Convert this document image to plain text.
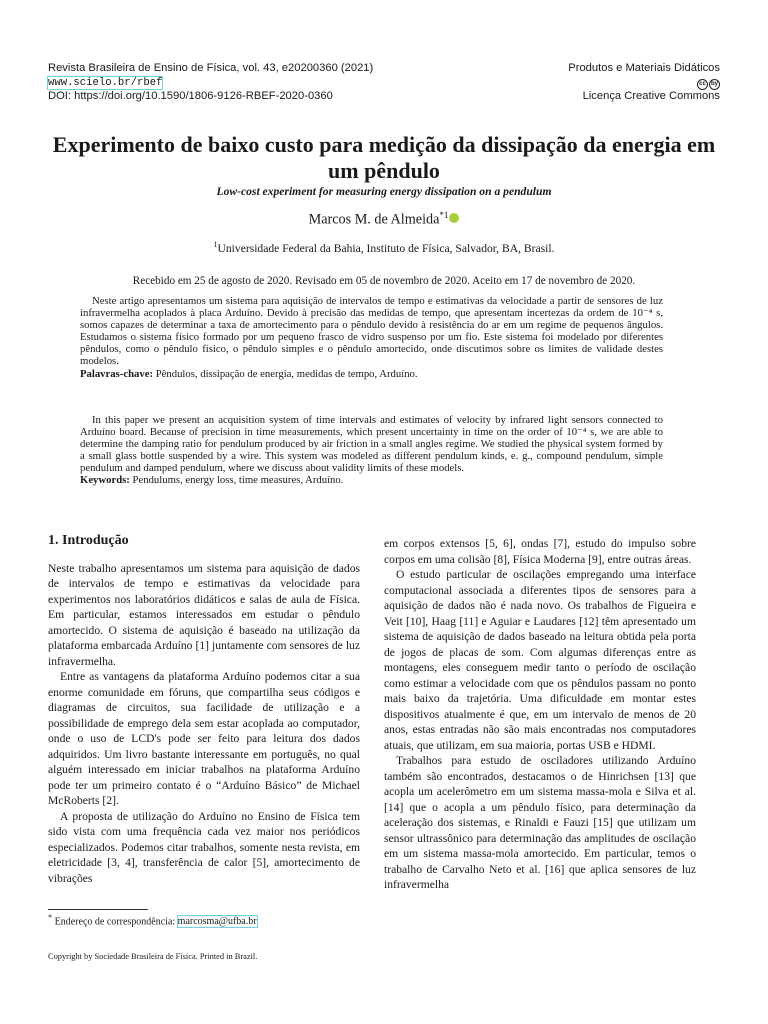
Revista Brasileira de Ensino de Física, vol. 43, e20200360 (2021)
www.scielo.br/rbef
DOI: https://doi.org/10.1590/1806-9126-RBEF-2020-0360
Produtos e Materiais Didáticos
cc by
Licença Creative Commons
Experimento de baixo custo para medição da dissipação da energia em um pêndulo
Low-cost experiment for measuring energy dissipation on a pendulum
Marcos M. de Almeida$^{*1}$
$^1$Universidade Federal da Bahia, Instituto de Física, Salvador, BA, Brasil.
Recebido em 25 de agosto de 2020. Revisado em 05 de novembro de 2020. Aceito em 17 de novembro de 2020.
Neste artigo apresentamos um sistema para aquisição de intervalos de tempo e estimativas da velocidade a partir de sensores de luz infravermelha acoplados à placa Arduíno. Devido à precisão das medidas de tempo, que apresentam incertezas da ordem de 10⁻⁴ s, somos capazes de determinar a taxa de amortecimento para o pêndulo devido à resistência do ar em um regime de pequenos ângulos. Estudamos o sistema físico formado por um pequeno frasco de vidro suspenso por um fio. Este sistema foi modelado por diferentes pêndulos, como o pêndulo físico, o pêndulo simples e o pêndulo amortecido, onde discutimos sobre os limites de validade destes modelos.
Palavras-chave: Pêndulos, dissipação de energia, medidas de tempo, Arduíno.
In this paper we present an acquisition system of time intervals and estimates of velocity by infrared light sensors connected to Arduíno board. Because of precision in time measurements, which present uncertainty in time on the order of 10⁻⁴ s, we are able to determine the damping ratio for pendulum produced by air friction in a small angles regime. We studied the physical system formed by a small glass bottle suspended by a wire. This system was modeled as different pendulum kinds, e. g., compound pendulum, simple pendulum and damped pendulum, where we discuss about validity limits of these models.
Keywords: Pendulums, energy loss, time measures, Arduíno.
1. Introdução

Neste trabalho apresentamos um sistema para aquisição de dados de intervalos de tempo e estimativas da velocidade para experimentos nos laboratórios didáticos e salas de aula de Física. Em particular, estamos interessados em estudar o pêndulo amortecido. O sistema de aquisição é baseado na utilização da plataforma embarcada Arduíno [1] juntamente com sensores de luz infravermelha.

Entre as vantagens da plataforma Arduíno podemos citar a sua enorme comunidade em fóruns, que compartilha seus códigos e diagramas de circuitos, sua facilidade de utilização e a possibilidade de emprego dela sem estar acoplada ao computador, onde o uso de LCD's pode ser feito para leitura dos dados adquiridos. Um livro bastante interessante em português, no qual alguém interessado em iniciar trabalhos na plataforma Arduíno pode ter um primeiro contato é o “Arduíno Básico” de Michael McRoberts [2].

A proposta de utilização do Arduíno no Ensino de Física tem sido vista com uma frequência cada vez maior nos periódicos especializados. Podemos citar trabalhos, somente nesta revista, em eletricidade [3, 4], transferência de calor [5], amortecimento de vibrações

em corpos extensos [5, 6], ondas [7], estudo do impulso sobre corpos em uma colisão [8], Física Moderna [9], entre outras áreas.

O estudo particular de oscilações empregando uma interface computacional associada a diferentes tipos de sensores para a aquisição de dados não é nada novo. Os trabalhos de Figueira e Veit [10], Haag [11] e Aguiar e Laudares [12] têm apresentado um sistema de aquisição de dados baseado na leitura obtida pela porta de jogos de placas de som. Com algumas diferenças entre as montagens, eles conseguem medir tanto o período de oscilação como estimar a velocidade com que os pêndulos passam no ponto mais baixo da trajetória. Uma dificuldade em montar estes dispositivos atualmente é que, em um intervalo de menos de 20 anos, estas entradas não são mais encontradas nos computadores atuais, que utilizam, em sua maioria, portas USB e HDMI.

Trabalhos para estudo de osciladores utilizando Arduíno também são encontrados, destacamos o de Hinrichsen [13] que acopla um acelerômetro em um sistema massa-mola e Silva et al. [14] que o acopla a um pêndulo físico, para determinação da aceleração dos sistemas, e Rinaldi e Fauzi [15] que utilizam um sensor ultrassônico para determinação das amplitudes de oscilação em um sistema massa-mola amortecido. Em particular, temos o trabalho de Carvalho Neto et al. [16] que aplica sensores de luz infravermelha

* Endereço de correspondência: marcosma@ufba.br
Copyright by Sociedade Brasileira de Física. Printed in Brazil.
